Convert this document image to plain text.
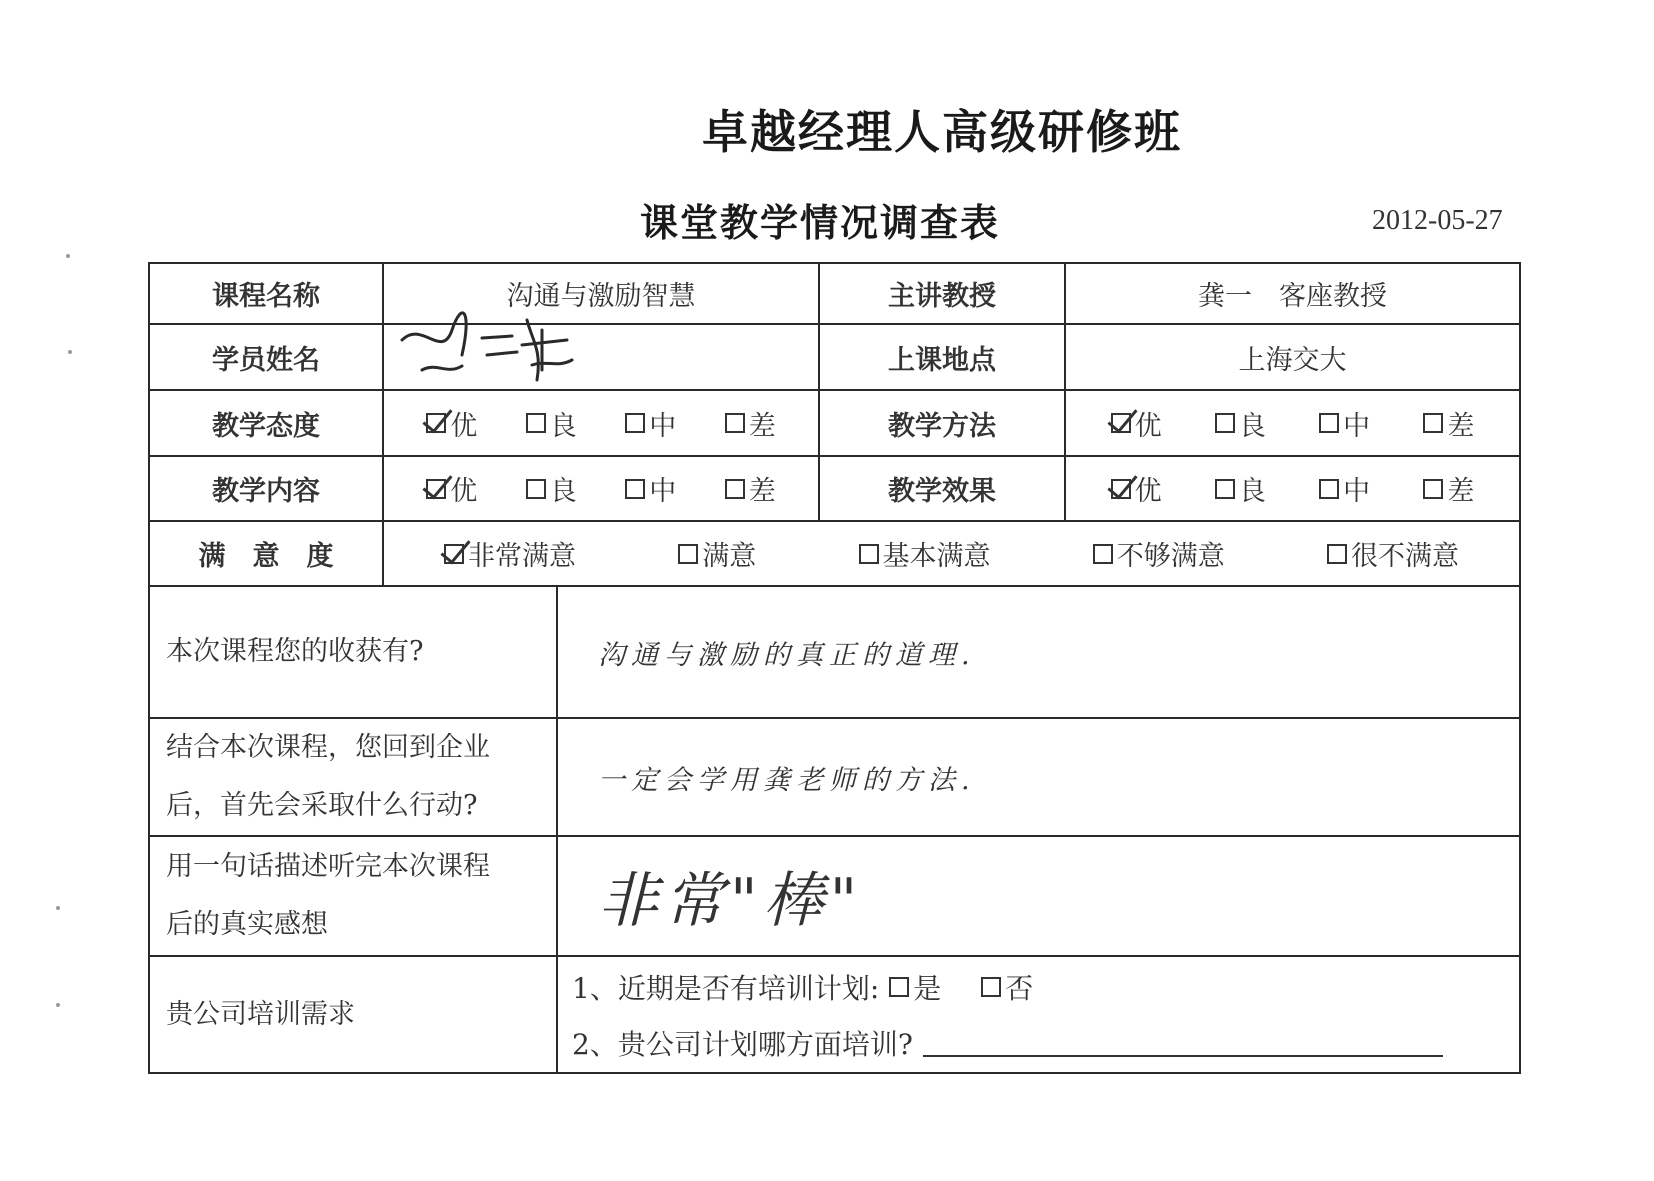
卓越经理人高级研修班
课堂教学情况调查表	2012-05-27
课程名称	沟通与激励智慧		主讲教授	龚一　客座教授
学员姓名			上课地点	上海交大
教学态度	优 良 中 差		教学方法	优 良 中 差

教学内容	优 良 中 差		教学效果	优 良 中 差

满　意　度	非常满意 满意 基本满意 不够满意 很不满意			

本次课程您的收获有?		沟通与激励的真正的道理.		

结合本次课程，您回到企业
后，首先会采取什么行动?		一定会学用龚老师的方法.		

用一句话描述听完本次课程
后的真实感想		非常"棒"		
贵公司培训需求		1、近期是否有培训计划: 是 否
2、贵公司计划哪方面培训?		
